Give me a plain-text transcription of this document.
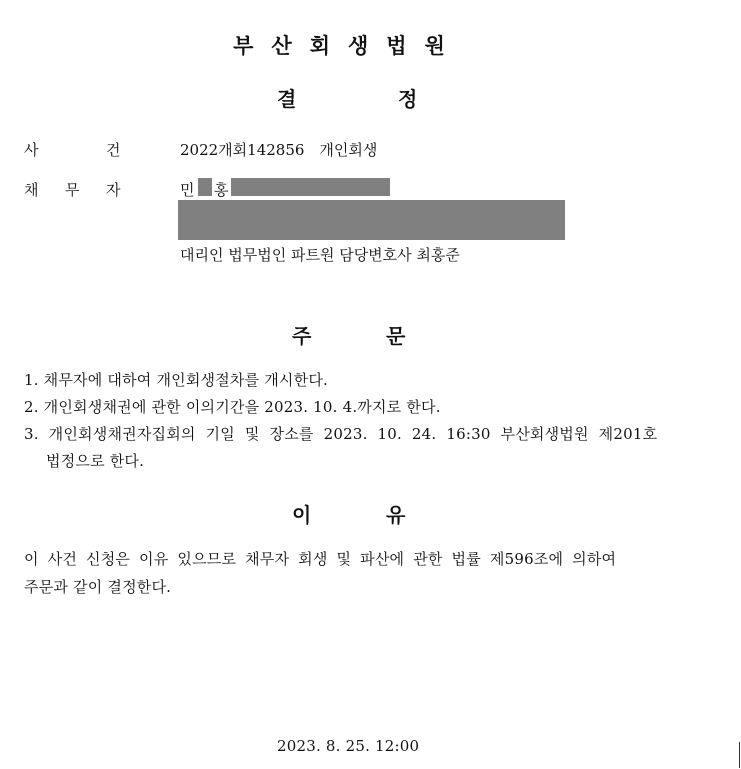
부산회생법원
결	정
사	건	2022개회142856　개인회생
채 무 자	민 홍
대리인 법무법인 파트원 담당변호사 최홍준
주	문
1. 채무자에 대하여 개인회생절차를 개시한다.
2. 개인회생채권에 관한 이의기간을 2023. 10. 4.까지로 한다.
3. 개인회생채권자집회의 기일 및 장소를 2023. 10. 24. 16:30 부산회생법원 제201호
법정으로 한다.
이	유
이 사건 신청은 이유 있으므로 채무자 회생 및 파산에 관한 법률 제596조에 의하여
주문과 같이 결정한다.
2023. 8. 25. 12:00
